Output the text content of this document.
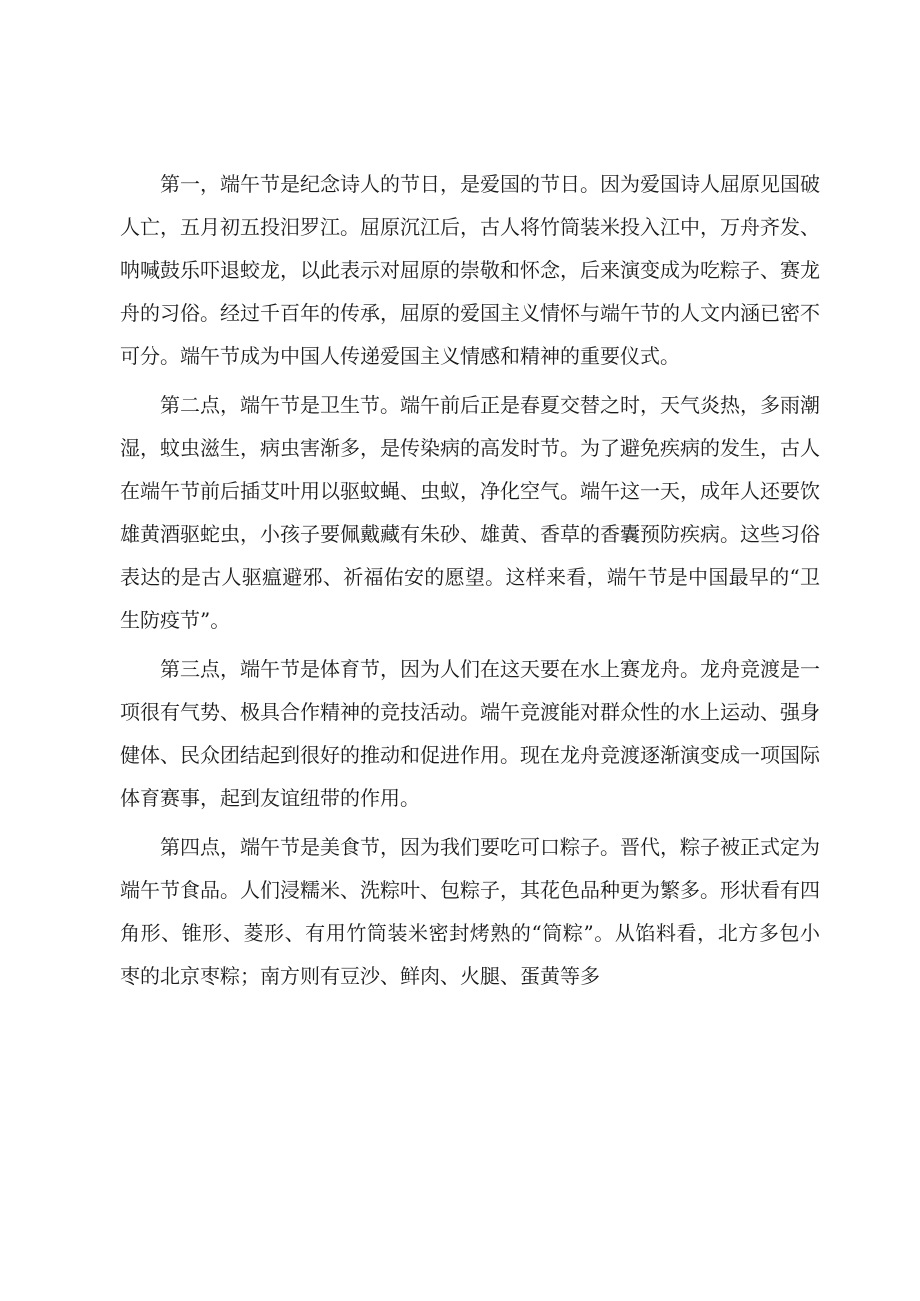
第一，端午节是纪念诗人的节日，是爱国的节日。因为爱国诗人屈原见国破人亡，五月初五投汨罗江。屈原沉江后，古人将竹筒装米投入江中，万舟齐发、呐喊鼓乐吓退蛟龙，以此表示对屈原的崇敬和怀念，后来演变成为吃粽子、赛龙舟的习俗。经过千百年的传承，屈原的爱国主义情怀与端午节的人文内涵已密不可分。端午节成为中国人传递爱国主义情感和精神的重要仪式。

第二点，端午节是卫生节。端午前后正是春夏交替之时，天气炎热，多雨潮湿，蚊虫滋生，病虫害渐多，是传染病的高发时节。为了避免疾病的发生，古人在端午节前后插艾叶用以驱蚊蝇、虫蚁，净化空气。端午这一天，成年人还要饮雄黄酒驱蛇虫，小孩子要佩戴藏有朱砂、雄黄、香草的香囊预防疾病。这些习俗表达的是古人驱瘟避邪、祈福佑安的愿望。这样来看，端午节是中国最早的“卫生防疫节”。

第三点，端午节是体育节，因为人们在这天要在水上赛龙舟。龙舟竞渡是一项很有气势、极具合作精神的竞技活动。端午竞渡能对群众性的水上运动、强身健体、民众团结起到很好的推动和促进作用。现在龙舟竞渡逐渐演变成一项国际体育赛事，起到友谊纽带的作用。

第四点，端午节是美食节，因为我们要吃可口粽子。晋代，粽子被正式定为端午节食品。人们浸糯米、洗粽叶、包粽子，其花色品种更为繁多。形状看有四角形、锥形、菱形、有用竹筒装米密封烤熟的“筒粽”。从馅料看，北方多包小枣的北京枣粽；南方则有豆沙、鲜肉、火腿、蛋黄等多
